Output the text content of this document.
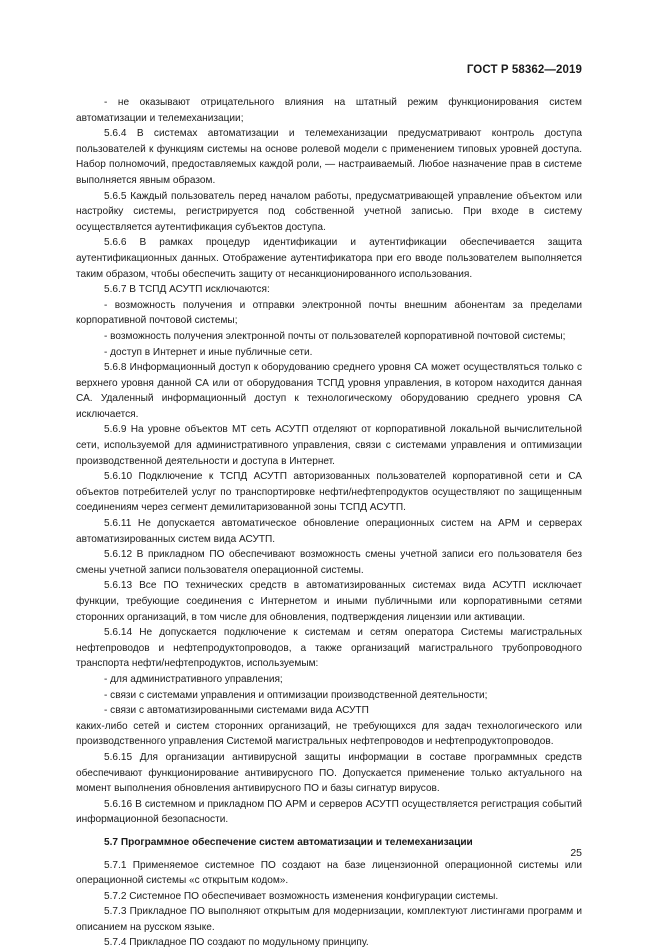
ГОСТ Р 58362—2019

- не оказывают отрицательного влияния на штатный режим функционирования систем автоматизации и телемеханизации;

5.6.4 В системах автоматизации и телемеханизации предусматривают контроль доступа пользователей к функциям системы на основе ролевой модели с применением типовых уровней доступа. Набор полномочий, предоставляемых каждой роли, — настраиваемый. Любое назначение прав в системе выполняется явным образом.

5.6.5 Каждый пользователь перед началом работы, предусматривающей управление объектом или настройку системы, регистрируется под собственной учетной записью. При входе в систему осуществляется аутентификация субъектов доступа.

5.6.6 В рамках процедур идентификации и аутентификации обеспечивается защита аутентификационных данных. Отображение аутентификатора при его вводе пользователем выполняется таким образом, чтобы обеспечить защиту от несанкционированного использования.

5.6.7 В ТСПД АСУТП исключаются:

- возможность получения и отправки электронной почты внешним абонентам за пределами корпоративной почтовой системы;

- возможность получения электронной почты от пользователей корпоративной почтовой системы;

- доступ в Интернет и иные публичные сети.

5.6.8 Информационный доступ к оборудованию среднего уровня СА может осуществляться только с верхнего уровня данной СА или от оборудования ТСПД уровня управления, в котором находится данная СА. Удаленный информационный доступ к технологическому оборудованию среднего уровня СА исключается.

5.6.9 На уровне объектов МТ сеть АСУТП отделяют от корпоративной локальной вычислительной сети, используемой для административного управления, связи с системами управления и оптимизации производственной деятельности и доступа в Интернет.

5.6.10 Подключение к ТСПД АСУТП авторизованных пользователей корпоративной сети и СА объектов потребителей услуг по транспортировке нефти/нефтепродуктов осуществляют по защищенным соединениям через сегмент демилитаризованной зоны ТСПД АСУТП.

5.6.11 Не допускается автоматическое обновление операционных систем на АРМ и серверах автоматизированных систем вида АСУТП.

5.6.12 В прикладном ПО обеспечивают возможность смены учетной записи его пользователя без смены учетной записи пользователя операционной системы.

5.6.13 Все ПО технических средств в автоматизированных системах вида АСУТП исключает функции, требующие соединения с Интернетом и иными публичными или корпоративными сетями сторонних организаций, в том числе для обновления, подтверждения лицензии или активации.

5.6.14 Не допускается подключение к системам и сетям оператора Системы магистральных нефтепроводов и нефтепродуктопроводов, а также организаций магистрального трубопроводного транспорта нефти/нефтепродуктов, используемым:

- для административного управления;

- связи с системами управления и оптимизации производственной деятельности;

- связи с автоматизированными системами вида АСУТП

каких-либо сетей и систем сторонних организаций, не требующихся для задач технологического или производственного управления Системой магистральных нефтепроводов и нефтепродуктопроводов.

5.6.15 Для организации антивирусной защиты информации в составе программных средств обеспечивают функционирование антивирусного ПО. Допускается применение только актуального на момент выполнения обновления антивирусного ПО и базы сигнатур вирусов.

5.6.16 В системном и прикладном ПО АРМ и серверов АСУТП осуществляется регистрация событий информационной безопасности.

5.7 Программное обеспечение систем автоматизации и телемеханизации

5.7.1 Применяемое системное ПО создают на базе лицензионной операционной системы или операционной системы «с открытым кодом».

5.7.2 Системное ПО обеспечивает возможность изменения конфигурации системы.

5.7.3 Прикладное ПО выполняют открытым для модернизации, комплектуют листингами программ и описанием на русском языке.

5.7.4 Прикладное ПО создают по модульному принципу.

25
